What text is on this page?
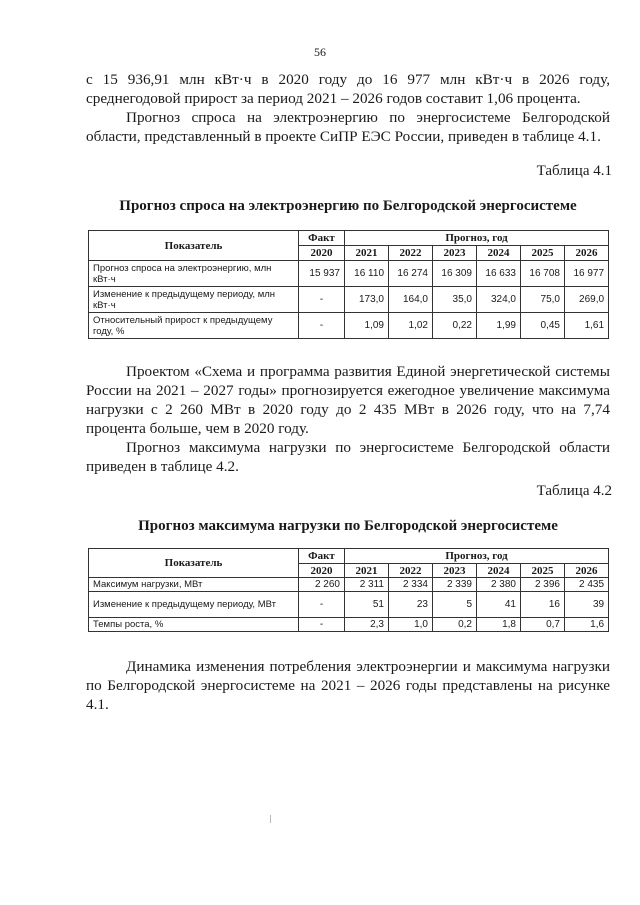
56

с 15 936,91 млн кВт·ч в 2020 году до 16 977 млн кВт·ч в 2026 году, среднегодовой прирост за период 2021 – 2026 годов составит 1,06 процента.

Прогноз спроса на электроэнергию по энергосистеме Белгородской области, представленный в проекте СиПР ЕЭС России, приведен в таблице 4.1.

Таблица 4.1
Прогноз спроса на электроэнергию по Белгородской энергосистеме
Показатель	Факт	Прогноз, год					
	2020	2021	2022	2023	2024	2025	2026
Прогноз спроса на электроэнергию, млн кВт·ч	15 937	16 110	16 274	16 309	16 633	16 708	16 977
Изменение к предыдущему периоду, млн кВт·ч	-	173,0	164,0	35,0	324,0	75,0	269,0
Относительный прирост к предыдущему году, %	-	1,09	1,02	0,22	1,99	0,45	1,61

Проектом «Схема и программа развития Единой энергетической системы России на 2021 – 2027 годы» прогнозируется ежегодное увеличение максимума нагрузки с 2 260 МВт в 2020 году до 2 435 МВт в 2026 году, что на 7,74 процента больше, чем в 2020 году.

Прогноз максимума нагрузки по энергосистеме Белгородской области приведен в таблице 4.2.

Таблица 4.2
Прогноз максимума нагрузки по Белгородской энергосистеме
Показатель	Факт	Прогноз, год					
	2020	2021	2022	2023	2024	2025	2026
Максимум нагрузки, МВт	2 260	2 311	2 334	2 339	2 380	2 396	2 435
Изменение к предыдущему периоду, МВт	-	51	23	5	41	16	39
Темпы роста, %	-	2,3	1,0	0,2	1,8	0,7	1,6

Динамика изменения потребления электроэнергии и максимума нагрузки по Белгородской энергосистеме на 2021 – 2026 годы представлены на рисунке 4.1.
